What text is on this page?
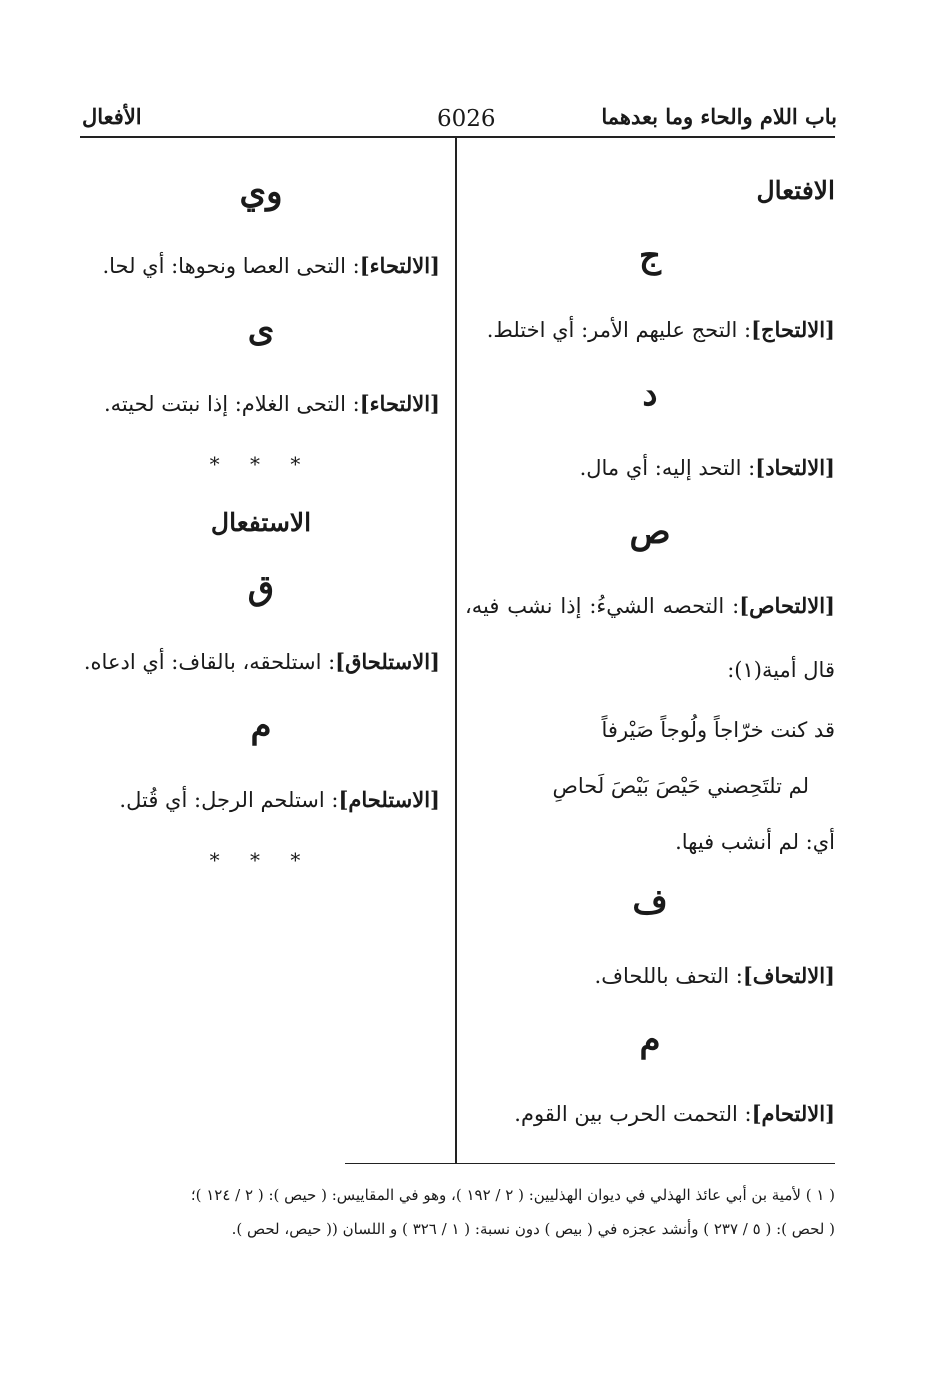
باب اللام والحاء وما بعدهما
6026
الأفعال
الافتعال
ج
[الالتحاج]: التحج عليهم الأمر: أي اختلط.
د
[الالتحاد]: التحد إليه: أي مال.
ص
[الالتحاص]: التحصه الشيءُ: إذا نشب فيه، قال أمية(١):
قد كنت خرّاجاً ولُوجاً صَيْرفاً
لم تلتَحِصني حَيْصَ بَيْصَ لَحاصِ
أي: لم أنشب فيها.
ف
[الالتحاف]: التحف باللحاف.
م
[الالتحام]: التحمت الحرب بين القوم.
وي
[الالتحاء]: التحى العصا ونحوها: أي لحا.
ى
[الالتحاء]: التحى الغلام: إذا نبتت لحيته.
* * *
الاستفعال
ق
[الاستلحاق]: استلحقه، بالقاف: أي ادعاه.
م
[الاستلحام]: استلحم الرجل: أي قُتل.
* * *
( ١ ) لأمية بن أبي عائذ الهذلي في ديوان الهذليين: ( ٢ / ١٩٢ )، وهو في المقاييس: ( حيص ): ( ٢ / ١٢٤ )؛
( لحص ): ( ٥ / ٢٣٧ ) وأنشد عجزه في ( بيص ) دون نسبة: ( ١ / ٣٢٦ ) و اللسان (( حيص، لحص ).
